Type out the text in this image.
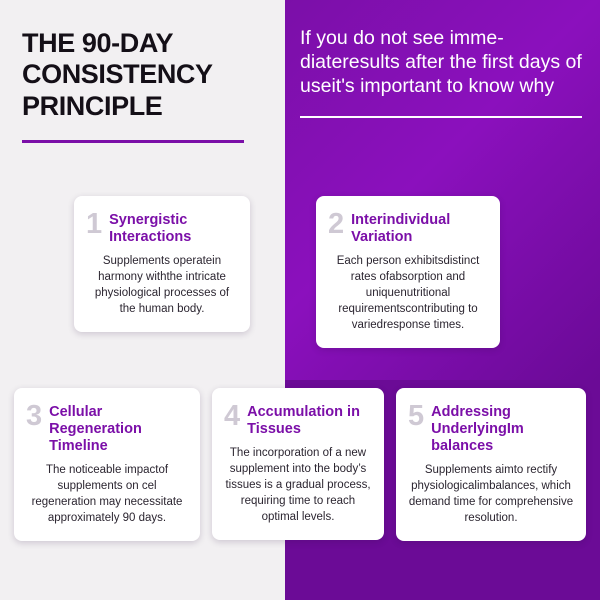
THE 90-DAY CONSISTENCY PRINCIPLE

If you do not see imme-diateresults after the first days of useit's important to know why

1 Synergistic Interactions
Supplements operatein harmony withthe intricate physiological processes of the human body.
2 Interindividual Variation
Each person exhibitsdistinct rates ofabsorption and uniquenutritional requirementscontributing to variedresponse times.
3 Cellular Regeneration Timeline
The noticeable impactof supplements on cel regeneration may necessitate approximately 90 days.
4 Accumulation in Tissues
The incorporation of a new supplement into the body’s tissues is a gradual process, requiring time to reach optimal levels.
5 Addressing UnderlyingIm balances
Supplements aimto rectify physiologicalimbalances, which demand time for comprehensive resolution.
